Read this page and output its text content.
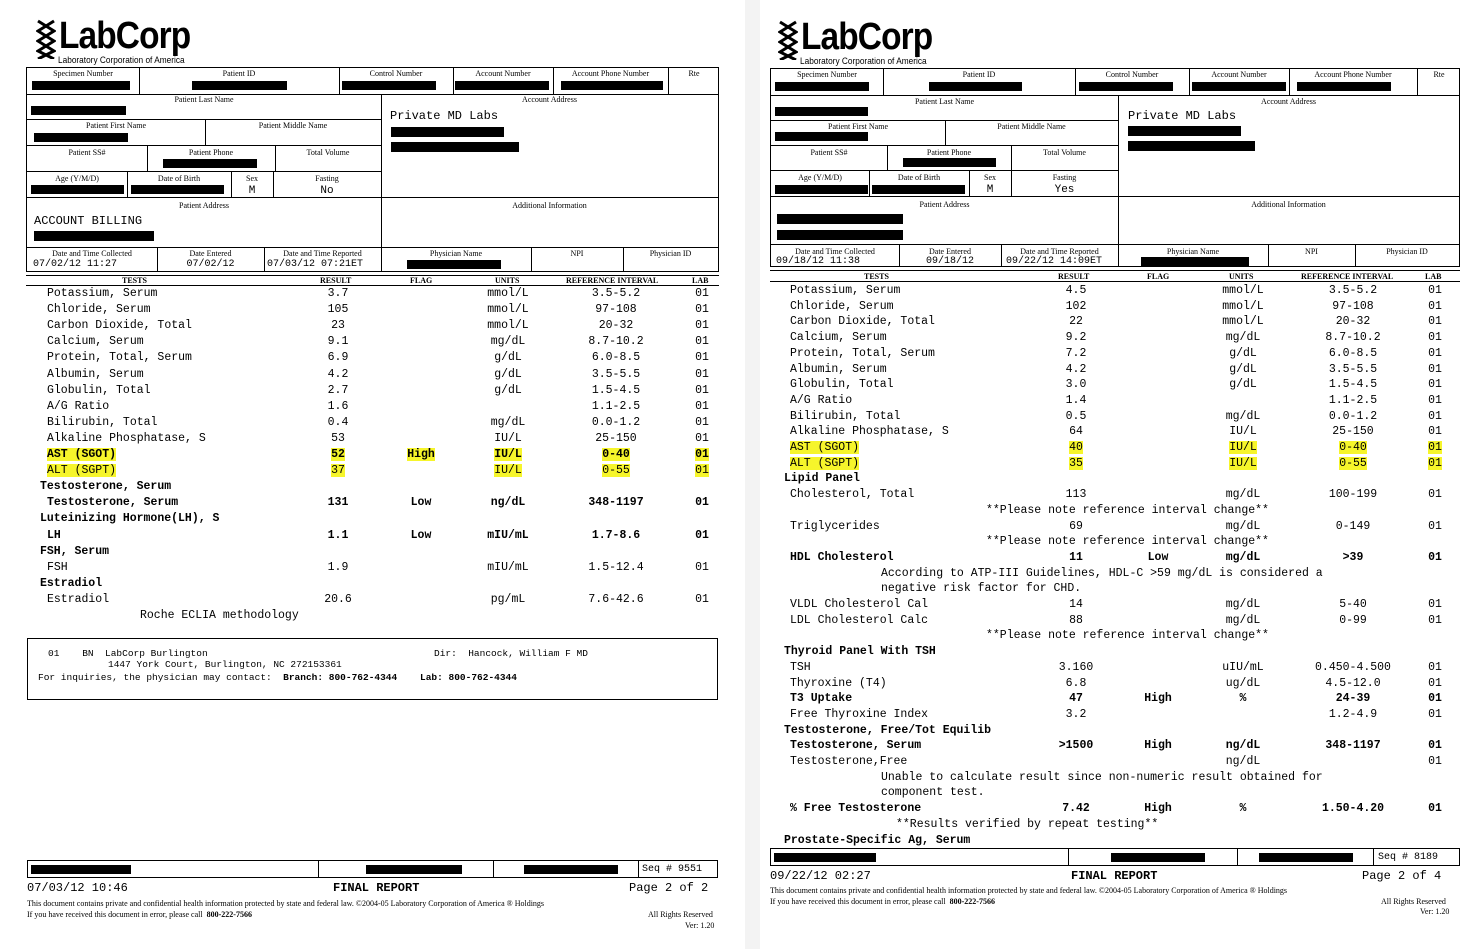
LabCorp
Laboratory Corporation of America
Specimen Number	Patient ID	Control Number	Account Number	Account Phone Number	Rte
Patient Last Name
Patient First Name	Patient Middle Name
Patient SS#	Patient Phone	Total Volume
Age (Y/M/D)	Date of Birth	Sex
M
Fasting
No
Account Address
Private MD Labs
Patient Address
ACCOUNT BILLING
Additional Information
Date and Time Collected
07/02/12 11:27
Date Entered
07/02/12
Date and Time Reported
07/03/12 07:21ET
Physician Name	NPI	Physician ID
TESTS	RESULT	FLAG	UNITS	REFERENCE INTERVAL	LAB
Potassium, Serum	3.7	mmol/L	3.5-5.2	01
Chloride, Serum	105	mmol/L	97-108	01
Carbon Dioxide, Total	23	mmol/L	20-32	01
Calcium, Serum	9.1	mg/dL	8.7-10.2	01
Protein, Total, Serum	6.9	g/dL	6.0-8.5	01
Albumin, Serum	4.2	g/dL	3.5-5.5	01
Globulin, Total	2.7	g/dL	1.5-4.5	01
A/G Ratio	1.6	1.1-2.5	01
Bilirubin, Total	0.4	mg/dL	0.0-1.2	01
Alkaline Phosphatase, S	53	IU/L	25-150	01
AST (SGOT)	52	High	IU/L	0-40	01
ALT (SGPT)	37	IU/L	0-55	01
Testosterone, Serum
Testosterone, Serum	131	Low	ng/dL	348-1197	01
Luteinizing Hormone(LH), S
LH	1.1	Low	mIU/mL	1.7-8.6	01
FSH, Serum
FSH	1.9	mIU/mL	1.5-12.4	01
Estradiol
Estradiol	20.6	pg/mL	7.6-42.6	01
Roche ECLIA methodology
01 BN LabCorp Burlington	Dir: Hancock, William F MD
1447 York Court, Burlington, NC 272153361
For inquiries, the physician may contact: Branch: 800-762-4344 Lab: 800-762-4344
Seq # 9551
07/03/12 10:46	FINAL REPORT	Page 2 of 2
This document contains private and confidential health information protected by state and federal law. ©2004-05 Laboratory Corporation of America ® Holdings
If you have received this document in error, please call 800-222-7566	All Rights Reserved
Ver: 1.20
LabCorp
Laboratory Corporation of America
Specimen Number	Patient ID	Control Number	Account Number	Account Phone Number	Rte
Patient Last Name
Patient First Name	Patient Middle Name
Patient SS#	Patient Phone	Total Volume
Age (Y/M/D)	Date of Birth	Sex
M
Fasting
Yes
Account Address
Private MD Labs
Patient Address	Additional Information
Date and Time Collected
09/18/12 11:38
Date Entered
09/18/12
Date and Time Reported
09/22/12 14:09ET
Physician Name	NPI	Physician ID
TESTS	RESULT	FLAG	UNITS	REFERENCE INTERVAL	LAB
Potassium, Serum	4.5	mmol/L	3.5-5.2	01
Chloride, Serum	102	mmol/L	97-108	01
Carbon Dioxide, Total	22	mmol/L	20-32	01
Calcium, Serum	9.2	mg/dL	8.7-10.2	01
Protein, Total, Serum	7.2	g/dL	6.0-8.5	01
Albumin, Serum	4.2	g/dL	3.5-5.5	01
Globulin, Total	3.0	g/dL	1.5-4.5	01
A/G Ratio	1.4	1.1-2.5	01
Bilirubin, Total	0.5	mg/dL	0.0-1.2	01
Alkaline Phosphatase, S	64	IU/L	25-150	01
AST (SGOT)	40	IU/L	0-40	01
ALT (SGPT)	35	IU/L	0-55	01
Lipid Panel
Cholesterol, Total	113	mg/dL	100-199	01
**Please note reference interval change**
Triglycerides	69	mg/dL	0-149	01
**Please note reference interval change**
HDL Cholesterol	11	Low	mg/dL	>39	01
According to ATP-III Guidelines, HDL-C >59 mg/dL is considered a
negative risk factor for CHD.
VLDL Cholesterol Cal	14	mg/dL	5-40	01
LDL Cholesterol Calc	88	mg/dL	0-99	01
**Please note reference interval change**
Thyroid Panel With TSH
TSH	3.160	uIU/mL	0.450-4.500	01
Thyroxine (T4)	6.8	ug/dL	4.5-12.0	01
T3 Uptake	47	High	%	24-39	01
Free Thyroxine Index	3.2	1.2-4.9	01
Testosterone, Free/Tot Equilib
Testosterone, Serum	>1500	High	ng/dL	348-1197	01
Testosterone,Free	ng/dL	01
Unable to calculate result since non-numeric result obtained for
component test.
% Free Testosterone	7.42	High	%	1.50-4.20	01
**Results verified by repeat testing**
Prostate-Specific Ag, Serum
Seq # 8189
09/22/12 02:27	FINAL REPORT	Page 2 of 4
This document contains private and confidential health information protected by state and federal law. ©2004-05 Laboratory Corporation of America ® Holdings
If you have received this document in error, please call 800-222-7566	All Rights Reserved
Ver: 1.20
